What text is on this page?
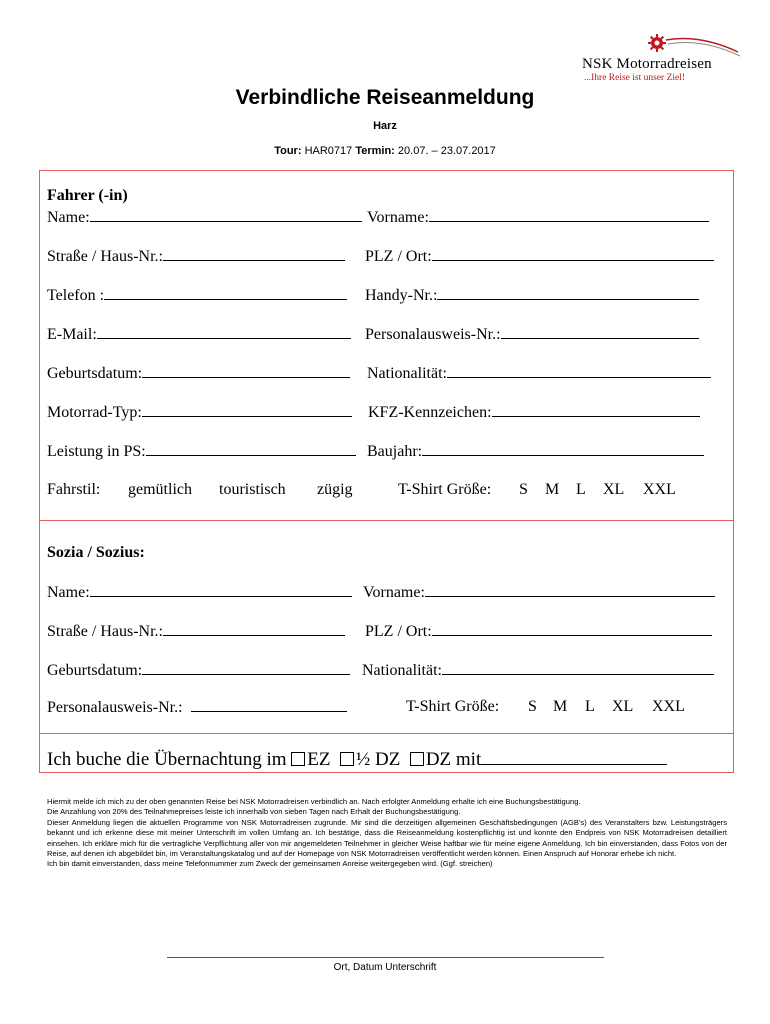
NSK Motorradreisen
...Ihre Reise ist unser Ziel!
Verbindliche Reiseanmeldung
Harz
Tour: HAR0717 Termin: 20.07. – 23.07.2017
Fahrer (-in)
Name:	Vorname:
Straße / Haus-Nr.:	PLZ / Ort:
Telefon :	Handy-Nr.:
E-Mail:	Personalausweis-Nr.:
Geburtsdatum:	Nationalität:
Motorrad-Typ:	KFZ-Kennzeichen:
Leistung in PS:	Baujahr:
Fahrstil: gemütlich touristisch zügig	T-Shirt Größe: S M L XL XXL
Sozia / Sozius:
Name:	Vorname:
Straße / Haus-Nr.:	PLZ / Ort:
Geburtsdatum:	Nationalität:
Personalausweis-Nr.:	T-Shirt Größe: S M L XL XXL
Ich buche die Übernachtung im EZ ½ DZ DZ mit

Hiermit melde ich mich zu der oben genannten Reise bei NSK Motorradreisen verbindlich an. Nach erfolgter Anmeldung erhalte ich eine Buchungsbestätigung.

Die Anzahlung von 20% des Teilnahmepreises leiste ich innerhalb von sieben Tagen nach Erhalt der Buchungsbestätigung.

Dieser Anmeldung liegen die aktuellen Programme von NSK Motorradreisen zugrunde. Mir sind die derzeitigen allgemeinen Geschäftsbedingungen (AGB's) des Veranstalters bzw. Leistungsträgers bekannt und ich erkenne diese mit meiner Unterschrift im vollen Umfang an. Ich bestätige, dass die Reiseanmeldung kostenpflichtig ist und konnte den Endpreis von NSK Motorradreisen detailliert einsehen. Ich erkläre mich für die vertragliche Verpflichtung aller von mir angemeldeten Teilnehmer in gleicher Weise haftbar wie für meine eigene Anmeldung. Ich bin einverstanden, dass Fotos von der Reise, auf denen ich abgebildet bin, im Veranstaltungskatalog und auf der Homepage von NSK Motorradreisen veröffentlicht werden können. Einen Anspruch auf Honorar erhebe ich nicht.

Ich bin damit einverstanden, dass meine Telefonnummer zum Zweck der gemeinsamen Anreise weitergegeben wird. (Ggf. streichen)

Ort, Datum Unterschrift
